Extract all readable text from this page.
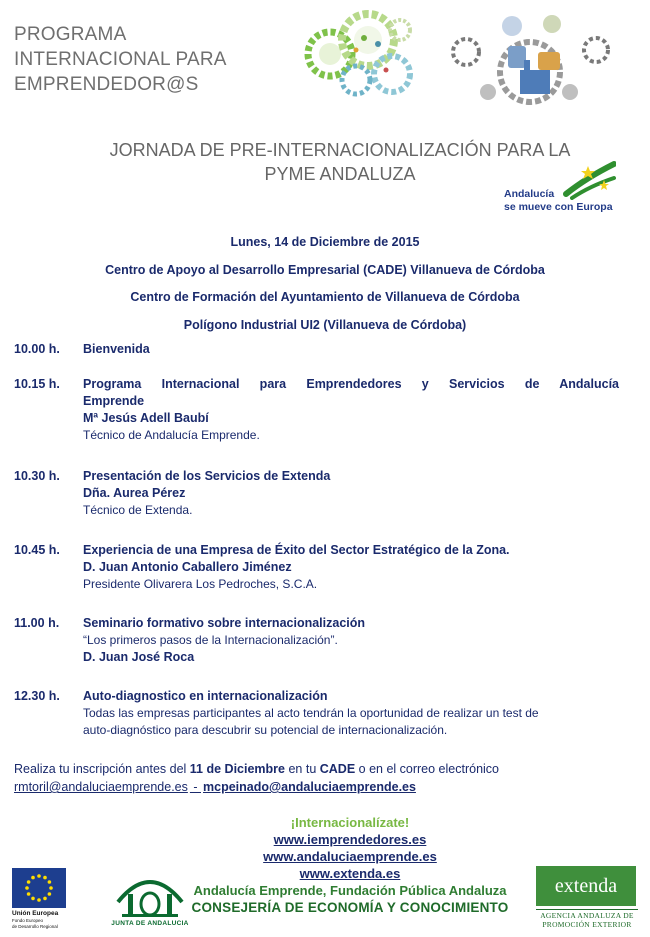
PROGRAMA
INTERNACIONAL PARA
EMPRENDEDOR@S
JORNADA DE PRE-INTERNACIONALIZACIÓN PARA LA
PYME ANDALUZA
Andalucía
se mueve con Europa
Lunes, 14 de Diciembre de 2015
Centro de Apoyo al Desarrollo Empresarial (CADE) Villanueva de Córdoba
Centro de Formación del Ayuntamiento de Villanueva de Córdoba
Polígono Industrial UI2 (Villanueva de Córdoba)
10.00 h.	Bienvenida
10.15 h.	Programa Internacional para Emprendedores y Servicios de Andalucía
Emprende
Mª Jesús Adell Baubí
Técnico de Andalucía Emprende.
10.30 h.	Presentación de los Servicios de Extenda
Dña. Aurea Pérez
Técnico de Extenda.
10.45 h.	Experiencia de una Empresa de Éxito del Sector Estratégico de la Zona.
D. Juan Antonio Caballero Jiménez
Presidente Olivarera Los Pedroches, S.C.A.
11.00 h.	Seminario formativo sobre internacionalización
“Los primeros pasos de la Internacionalización”.
D. Juan José Roca
12.30 h.	Auto-diagnostico en internacionalización
Todas las empresas participantes al acto tendrán la oportunidad de realizar un test de
auto-diagnóstico para descubrir su potencial de internacionalización.
Realiza tu inscripción antes del 11 de Diciembre en tu CADE o en el correo electrónico
rmtoril@andaluciaemprende.es - mcpeinado@andaluciaemprende.es
¡Internacionalízate!
www.iemprendedores.es
www.andaluciaemprende.es
www.extenda.es
Andalucía Emprende, Fundación Pública Andaluza
CONSEJERÍA DE ECONOMÍA Y CONOCIMIENTO
Unión Europea
Fondo Europeo
de Desarrollo Regional	JUNTA DE ANDALUCIA
extenda
AGENCIA ANDALUZA DE
PROMOCIÓN EXTERIOR
